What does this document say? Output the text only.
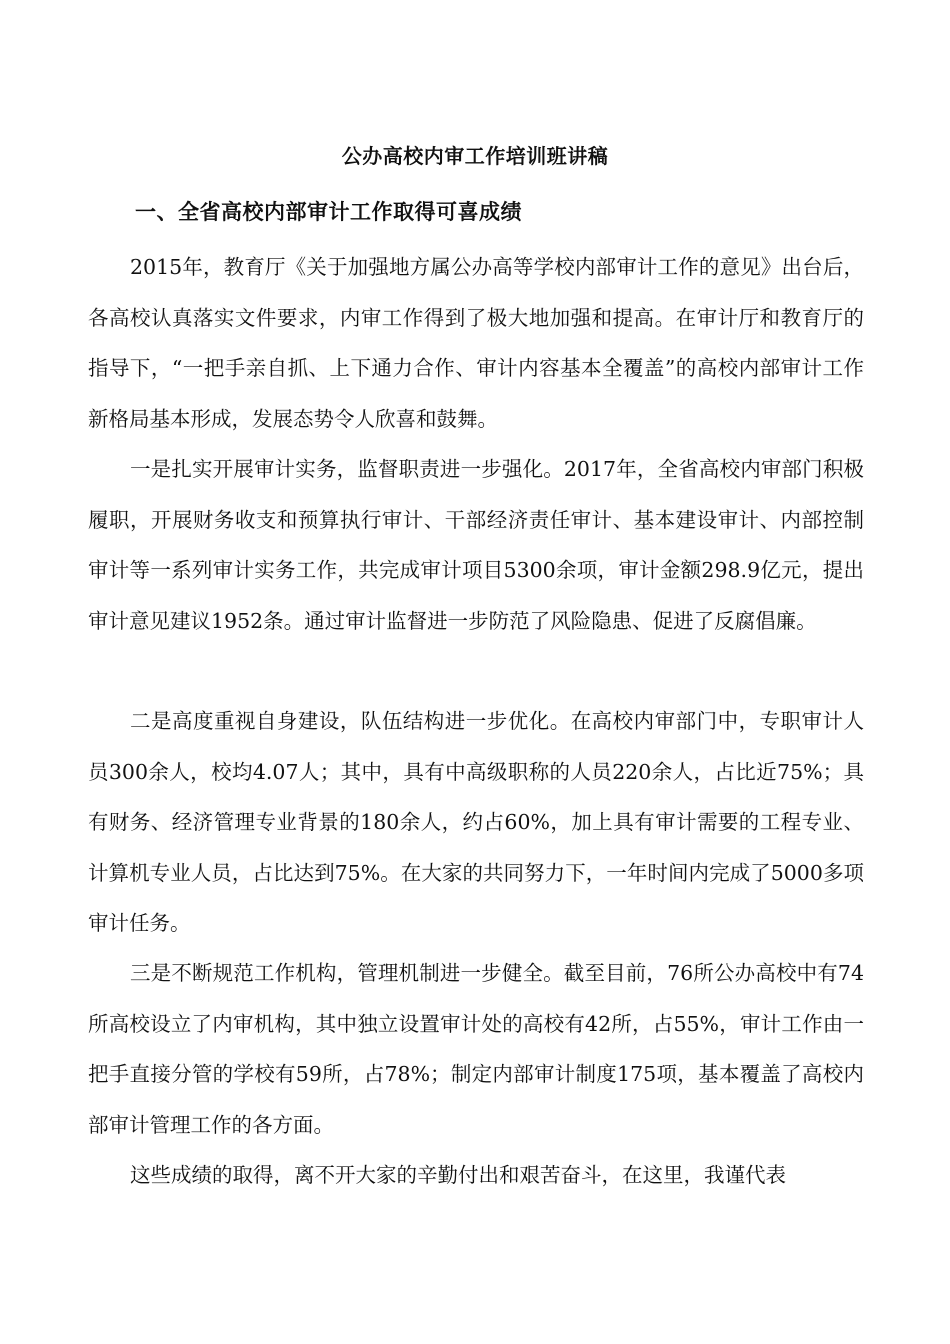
公办高校内审工作培训班讲稿
一、全省高校内部审计工作取得可喜成绩

2015年，教育厅《关于加强地方属公办高等学校内部审计工作的意见》出台后，各高校认真落实文件要求，内审工作得到了极大地加强和提高。在审计厅和教育厅的指导下，“一把手亲自抓、上下通力合作、审计内容基本全覆盖”的高校内部审计工作新格局基本形成，发展态势令人欣喜和鼓舞。

一是扎实开展审计实务，监督职责进一步强化。2017年，全省高校内审部门积极履职，开展财务收支和预算执行审计、干部经济责任审计、基本建设审计、内部控制审计等一系列审计实务工作，共完成审计项目5300余项，审计金额298.9亿元，提出审计意见建议1952条。通过审计监督进一步防范了风险隐患、促进了反腐倡廉。

二是高度重视自身建设，队伍结构进一步优化。在高校内审部门中，专职审计人员300余人，校均4.07人；其中，具有中高级职称的人员220余人，占比近75%；具有财务、经济管理专业背景的180余人，约占60%，加上具有审计需要的工程专业、计算机专业人员，占比达到75%。在大家的共同努力下，一年时间内完成了5000多项审计任务。

三是不断规范工作机构，管理机制进一步健全。截至目前，76所公办高校中有74所高校设立了内审机构，其中独立设置审计处的高校有42所，占55%，审计工作由一把手直接分管的学校有59所，占78%；制定内部审计制度175项，基本覆盖了高校内部审计管理工作的各方面。

这些成绩的取得，离不开大家的辛勤付出和艰苦奋斗，在这里，我谨代表
